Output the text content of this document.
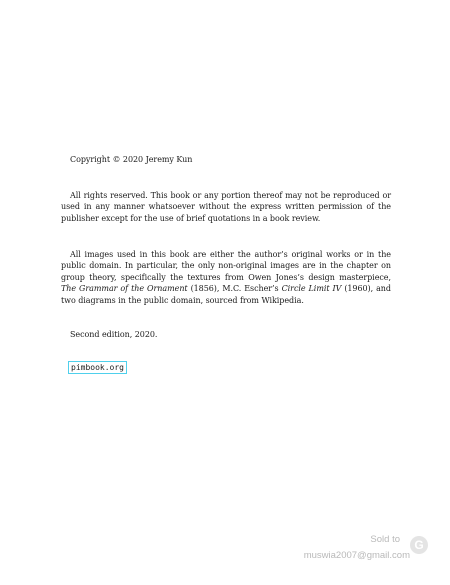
Copyright © 2020 Jeremy Kun
All rights reserved. This book or any portion thereof may not be reproduced or used in any manner whatsoever without the express written permission of the publisher except for the use of brief quotations in a book review.
All images used in this book are either the author’s original works or in the public domain. In particular, the only non-original images are in the chapter on group theory, specifically the textures from Owen Jones’s design masterpiece, The Grammar of the Ornament (1856), M.C. Escher’s Circle Limit IV (1960), and two diagrams in the public domain, sourced from Wikipedia.
Second edition, 2020.
pimbook.org
Sold to
muswia2007@gmail.com
G
